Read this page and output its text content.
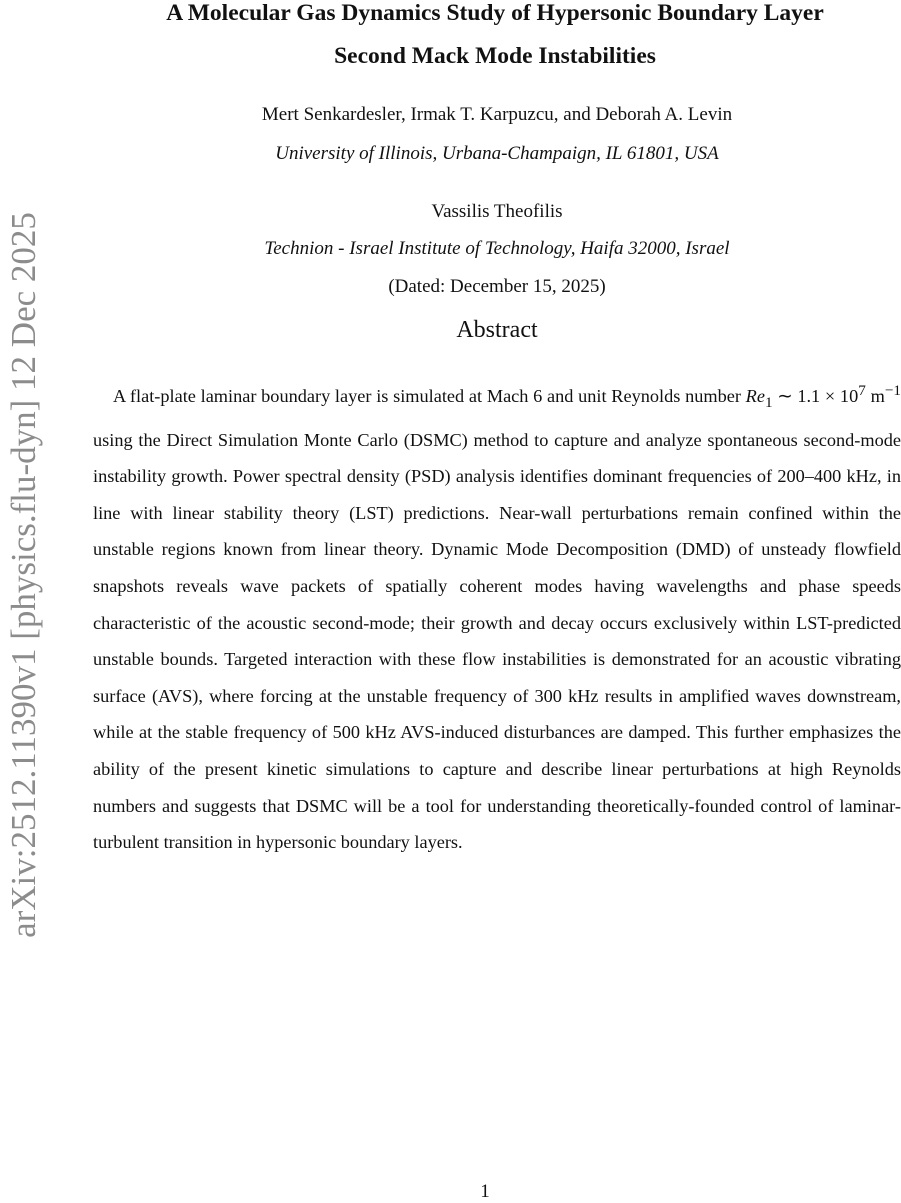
arXiv:2512.11390v1 [physics.flu-dyn] 12 Dec 2025
A Molecular Gas Dynamics Study of Hypersonic Boundary Layer
Second Mack Mode Instabilities
Mert Senkardesler, Irmak T. Karpuzcu, and Deborah A. Levin
University of Illinois, Urbana-Champaign, IL 61801, USA
Vassilis Theofilis
Technion - Israel Institute of Technology, Haifa 32000, Israel
(Dated: December 15, 2025)
Abstract

A flat-plate laminar boundary layer is simulated at Mach 6 and unit Reynolds number $Re_1$ ∼ $1.1 \times 10^7$ $m^{-1}$ using the Direct Simulation Monte Carlo (DSMC) method to capture and analyze spontaneous second-mode instability growth. Power spectral density (PSD) analysis identifies dominant frequencies of 200–400 kHz, in line with linear stability theory (LST) predictions. Near-wall perturbations remain confined within the unstable regions known from linear theory. Dynamic Mode Decomposition (DMD) of unsteady flowfield snapshots reveals wave packets of spatially coherent modes having wavelengths and phase speeds characteristic of the acoustic second-mode; their growth and decay occurs exclusively within LST-predicted unstable bounds. Targeted interaction with these flow instabilities is demonstrated for an acoustic vibrating surface (AVS), where forcing at the unstable frequency of 300 kHz results in amplified waves downstream, while at the stable frequency of 500 kHz AVS-induced disturbances are damped. This further emphasizes the ability of the present kinetic simulations to capture and describe linear perturbations at high Reynolds numbers and suggests that DSMC will be a tool for understanding theoretically-founded control of laminar-turbulent transition in hypersonic boundary layers.

1
